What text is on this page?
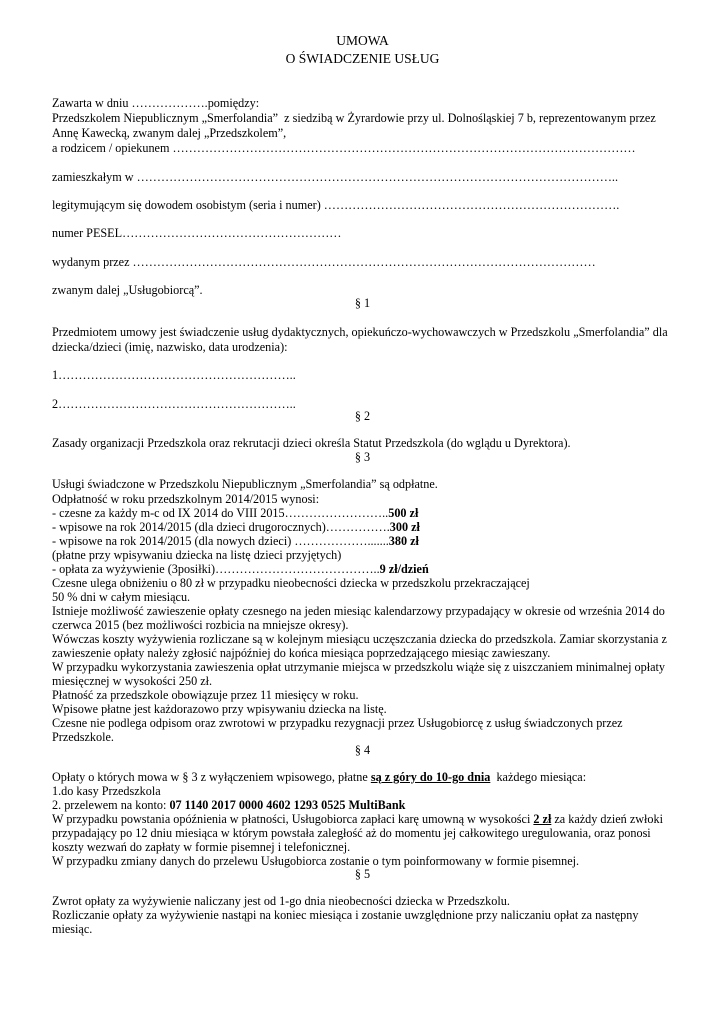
UMOWA
O ŚWIADCZENIE USŁUG
Zawarta w dniu ……………….pomiędzy:
Przedszkolem Niepublicznym „Smerfolandia”  z siedzibą w Żyrardowie przy ul. Dolnośląskiej 7 b, reprezentowanym przez
Annę Kawecką, zwanym dalej „Przedszkolem”,
a rodzicem / opiekunem ……………………………………………………………………………………………………
zamieszkałym w ………………………………………………………………………………………………………..
legitymującym się dowodem osobistym (seria i numer) ……………………………………………………………….
numer PESEL………………………………………………
wydanym przez ……………………………………………………………………………………………………
zwanym dalej „Usługobiorcą”.
§ 1
Przedmiotem umowy jest świadczenie usług dydaktycznych, opiekuńczo-wychowawczych w Przedszkolu „Smerfolandia” dla
dziecka/dzieci (imię, nazwisko, data urodzenia):
1…………………………………………………..
2…………………………………………………..
§ 2
Zasady organizacji Przedszkola oraz rekrutacji dzieci określa Statut Przedszkola (do wglądu u Dyrektora).
§ 3
Usługi świadczone w Przedszkolu Niepublicznym „Smerfolandia” są odpłatne.
Odpłatność w roku przedszkolnym 2014/2015 wynosi:
- czesne za każdy m-c od IX 2014 do VIII 2015……………………..500 zł
- wpisowe na rok 2014/2015 (dla dzieci drugorocznych)…………….300 zł
- wpisowe na rok 2014/2015 (dla nowych dzieci) ……………….......380 zł
(płatne przy wpisywaniu dziecka na listę dzieci przyjętych)
- opłata za wyżywienie (3posiłki)…………………………………..9 zł/dzień
Czesne ulega obniżeniu o 80 zł w przypadku nieobecności dziecka w przedszkolu przekraczającej
50 % dni w całym miesiącu.
Istnieje możliwość zawieszenie opłaty czesnego na jeden miesiąc kalendarzowy przypadający w okresie od września 2014 do
czerwca 2015 (bez możliwości rozbicia na mniejsze okresy).
Wówczas koszty wyżywienia rozliczane są w kolejnym miesiącu uczęszczania dziecka do przedszkola. Zamiar skorzystania z
zawieszenie opłaty należy zgłosić najpóźniej do końca miesiąca poprzedzającego miesiąc zawieszany.
W przypadku wykorzystania zawieszenia opłat utrzymanie miejsca w przedszkolu wiąże się z uiszczaniem minimalnej opłaty
miesięcznej w wysokości 250 zł.
Płatność za przedszkole obowiązuje przez 11 miesięcy w roku.
Wpisowe płatne jest każdorazowo przy wpisywaniu dziecka na listę.
Czesne nie podlega odpisom oraz zwrotowi w przypadku rezygnacji przez Usługobiorcę z usług świadczonych przez
Przedszkole.
§ 4
Opłaty o których mowa w § 3 z wyłączeniem wpisowego, płatne są z góry do 10-go dnia  każdego miesiąca:
1.do kasy Przedszkola
2. przelewem na konto: 07 1140 2017 0000 4602 1293 0525 MultiBank
W przypadku powstania opóźnienia w płatności, Usługobiorca zapłaci karę umowną w wysokości 2 zł za każdy dzień zwłoki
przypadający po 12 dniu miesiąca w którym powstała zaległość aż do momentu jej całkowitego uregulowania, oraz ponosi
koszty wezwań do zapłaty w formie pisemnej i telefonicznej.
W przypadku zmiany danych do przelewu Usługobiorca zostanie o tym poinformowany w formie pisemnej.
§ 5
Zwrot opłaty za wyżywienie naliczany jest od 1-go dnia nieobecności dziecka w Przedszkolu.
Rozliczanie opłaty za wyżywienie nastąpi na koniec miesiąca i zostanie uwzględnione przy naliczaniu opłat za następny
miesiąc.
